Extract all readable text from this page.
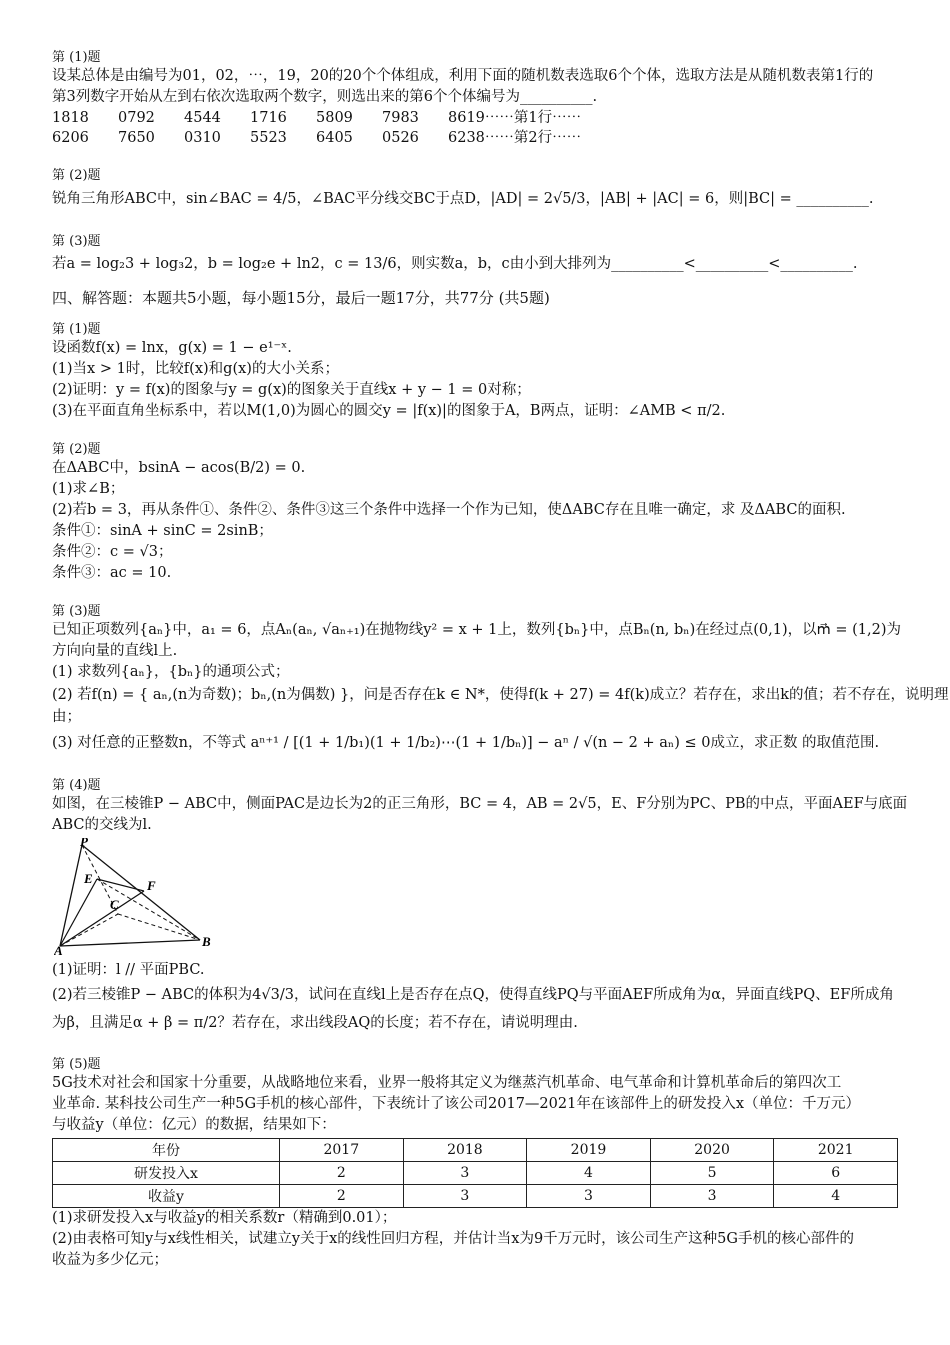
第 (1)题
设某总体是由编号为01，02，⋯，19，20的20个个体组成，利用下面的随机数表选取6个个体，选取方法是从随机数表第1行的
第3列数字开始从左到右依次选取两个数字，则选出来的第6个个体编号为__________.
1818	0792	4544	1716	5809	7983	8619⋯⋯第1行⋯⋯
6206	7650	0310	5523	6405	0526	6238⋯⋯第2行⋯⋯
第 (2)题
锐角三角形ABC中，sin∠BAC = 4/5，∠BAC平分线交BC于点D，|AD| = 2√5/3，|AB| + |AC| = 6，则|BC| = __________.
第 (3)题
若a = log₂3 + log₃2，b = log₂e + ln2，c = 13/6，则实数a，b，c由小到大排列为__________<__________<__________.
四、解答题：本题共5小题，每小题15分，最后一题17分，共77分 (共5题)
第 (1)题
设函数f(x) = lnx，g(x) = 1 − e¹⁻ˣ.
(1)当x > 1时，比较f(x)和g(x)的大小关系；
(2)证明：y = f(x)的图象与y = g(x)的图象关于直线x + y − 1 = 0对称；
(3)在平面直角坐标系中，若以M(1,0)为圆心的圆交y = |f(x)|的图象于A，B两点，证明：∠AMB < π/2.
第 (2)题
在ΔABC中，bsinA − acos(B/2) = 0.
(1)求∠B；
(2)若b = 3，再从条件①、条件②、条件③这三个条件中选择一个作为已知，使ΔABC存在且唯一确定，求 及ΔABC的面积.
条件①：sinA + sinC = 2sinB；
条件②：c = √3；
条件③：ac = 10.
第 (3)题
已知正项数列{aₙ}中，a₁ = 6，点Aₙ(aₙ, √aₙ₊₁)在抛物线y² = x + 1上，数列{bₙ}中，点Bₙ(n, bₙ)在经过点(0,1)，以m⃗ = (1,2)为
方向向量的直线l上.
(1) 求数列{aₙ}，{bₙ}的通项公式；
(2) 若f(n) = { aₙ,(n为奇数)；bₙ,(n为偶数) }，问是否存在k ∈ N*，使得f(k + 27) = 4f(k)成立？若存在，求出k的值；若不存在，说明理
由；
(3) 对任意的正整数n，不等式 aⁿ⁺¹ / [(1 + 1/b₁)(1 + 1/b₂)⋯(1 + 1/bₙ)] − aⁿ / √(n − 2 + aₙ) ≤ 0成立，求正数 的取值范围.
第 (4)题
如图，在三棱锥P − ABC中，侧面PAC是边长为2的正三角形，BC = 4，AB = 2√5，E、F分别为PC、PB的中点，平面AEF与底面
ABC的交线为l.
P
E	F
C
A
B
(1)证明：l // 平面PBC.
(2)若三棱锥P − ABC的体积为4√3/3，试问在直线l上是否存在点Q，使得直线PQ与平面AEF所成角为α，异面直线PQ、EF所成角
为β，且满足α + β = π/2？若存在，求出线段AQ的长度；若不存在，请说明理由.
第 (5)题
5G技术对社会和国家十分重要，从战略地位来看，业界一般将其定义为继蒸汽机革命、电气革命和计算机革命后的第四次工
业革命. 某科技公司生产一种5G手机的核心部件，下表统计了该公司2017—2021年在该部件上的研发投入x（单位：千万元）
与收益y（单位：亿元）的数据，结果如下：
年份	2017	2018	2019	2020	2021
研发投入x	2	3	4	5	6
收益y	2	3	3	3	4
(1)求研发投入x与收益y的相关系数r（精确到0.01）；
(2)由表格可知y与x线性相关，试建立y关于x的线性回归方程，并估计当x为9千万元时，该公司生产这种5G手机的核心部件的
收益为多少亿元；
